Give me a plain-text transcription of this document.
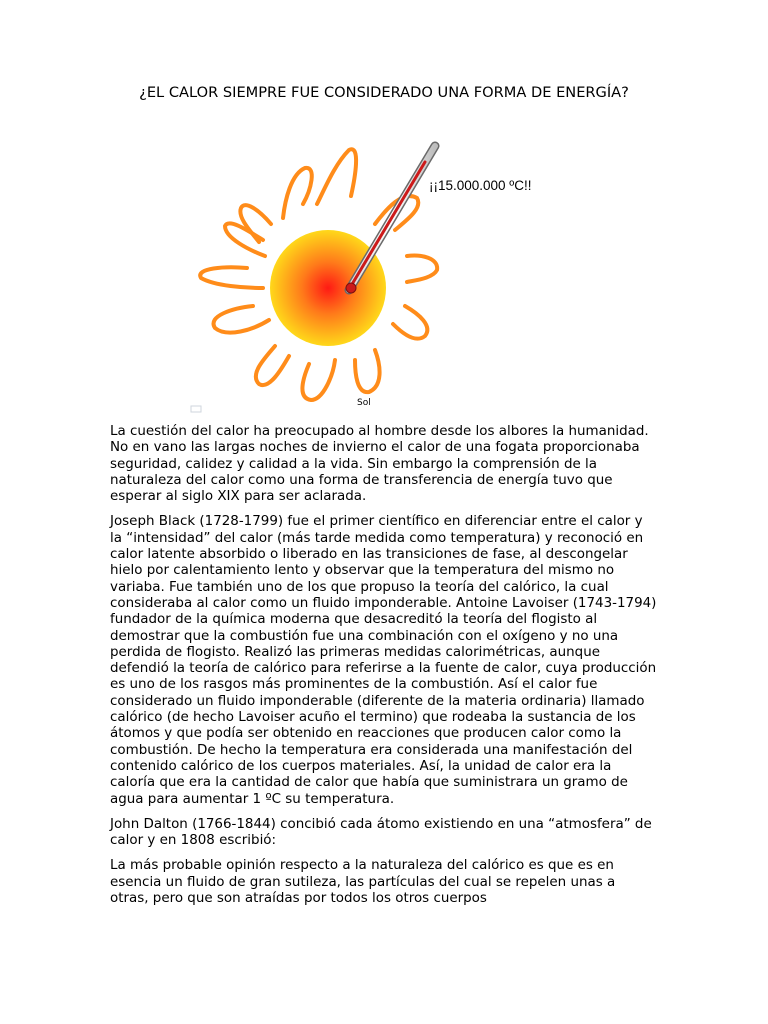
¿EL CALOR SIEMPRE FUE CONSIDERADO UNA FORMA DE ENERGÍA?
¡¡15.000.000 ºC!!
Sol

La cuestión del calor ha preocupado al hombre desde los albores la humanidad. No en vano las largas noches de invierno el calor de una fogata proporcionaba seguridad, calidez y calidad a la vida. Sin embargo la comprensión de la naturaleza del calor como una forma de transferencia de energía tuvo que esperar al siglo XIX para ser aclarada.

Joseph Black (1728-1799) fue el primer científico en diferenciar entre el calor y la “intensidad” del calor (más tarde medida como temperatura) y reconoció en calor latente absorbido o liberado en las transiciones de fase, al descongelar hielo por calentamiento lento y observar que la temperatura del mismo no variaba. Fue también uno de los que propuso la teoría del calórico, la cual consideraba al calor como un fluido imponderable. Antoine Lavoiser (1743-1794) fundador de la química moderna que desacreditó la teoría del flogisto al demostrar que la combustión fue una combinación con el oxígeno y no una perdida de flogisto. Realizó las primeras medidas calorimétricas, aunque defendió la teoría de calórico para referirse a la fuente de calor, cuya producción es uno de los rasgos más prominentes de la combustión. Así el calor fue considerado un fluido imponderable (diferente de la materia ordinaria) llamado calórico (de hecho Lavoiser acuño el termino) que rodeaba la sustancia de los átomos y que podía ser obtenido en reacciones que producen calor como la combustión. De hecho la temperatura era considerada una manifestación del contenido calórico de los cuerpos materiales. Así, la unidad de calor era la caloría que era la cantidad de calor que había que suministrara un gramo de agua para aumentar 1 ºC su temperatura.

John Dalton (1766-1844) concibió cada átomo existiendo en una “atmosfera” de calor y en 1808 escribió:

La más probable opinión respecto a la naturaleza del calórico es que es en esencia un fluido de gran sutileza, las partículas del cual se repelen unas a otras, pero que son atraídas por todos los otros cuerpos
